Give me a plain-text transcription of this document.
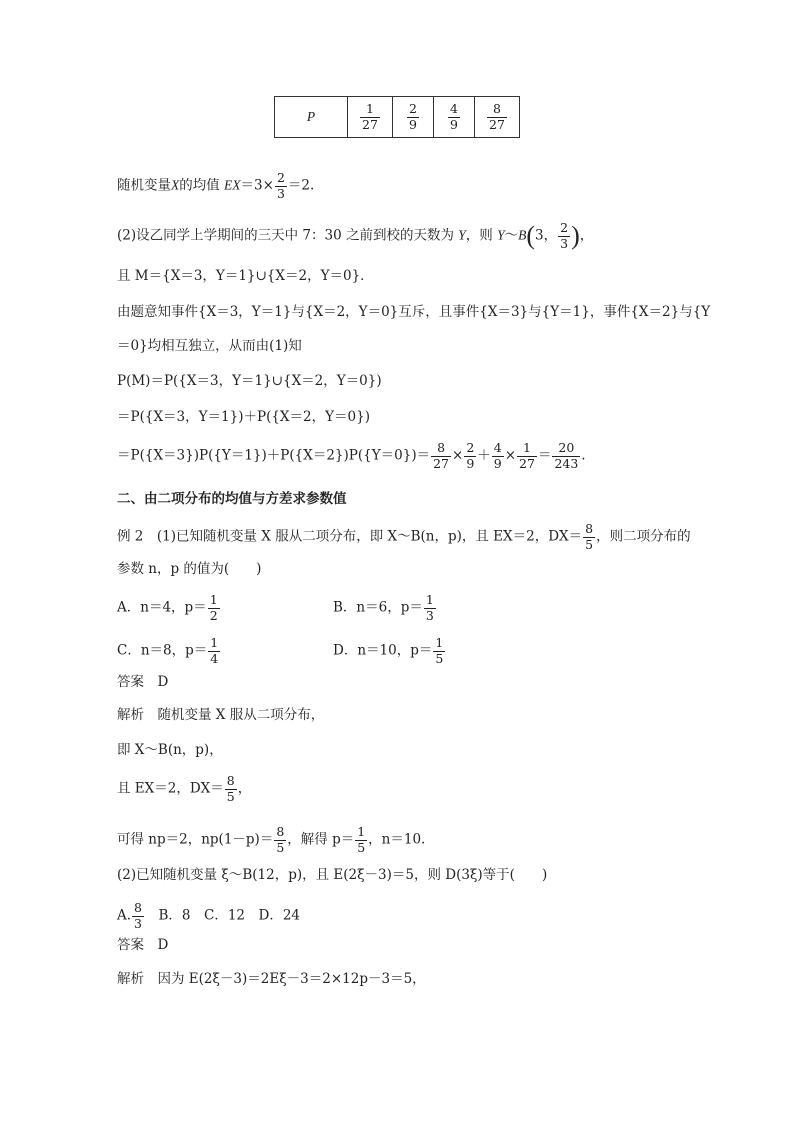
P	$\frac{1}{27}$	$\frac{2}{9}$	$\frac{4}{9}$	$\frac{8}{27}$
随机变量X的均值 $EX=3\times \frac{2}{3} =2$.
(2)设乙同学上学期间的三天中 7：30 之前到校的天数为 Y，则 Y～B(3， $\frac{2}{3}$ )，
且 M＝{X＝3，Y＝1}∪{X＝2，Y＝0}．
由题意知事件{X＝3，Y＝1}与{X＝2，Y＝0}互斥，且事件{X＝3}与{Y＝1}，事件{X＝2}与{Y
＝0}均相互独立，从而由(1)知
P(M)＝P({X＝3，Y＝1}∪{X＝2，Y＝0})
＝P({X＝3，Y＝1})＋P({X＝2，Y＝0})
$=P(\{X=3\})P(\{Y=1\})+P(\{X=2\})P(\{Y=0\})= \frac{8}{27} \times \frac{2}{9} + \frac{4}{9} \times \frac{1}{27} = \frac{20}{243}$ .
二、由二项分布的均值与方差求参数值
例 2　(1)已知随机变量 X 服从二项分布，即 X～B(n，p)，且 EX＝2，$DX= \frac{8}{5}$ ，则二项分布的
参数 n，p 的值为(　　)
A．n＝4，$p= \frac{1}{2}$	B．n＝6，$p= \frac{1}{3}$
C．n＝8，$p= \frac{1}{4}$	D．n＝10，$p= \frac{1}{5}$
答案　D
解析　随机变量 X 服从二项分布，
即 X～B(n，p)，
且 EX＝2，$DX= \frac{8}{5}$ ，
可得 np＝2，$np(1-p)= \frac{8}{5}$ ，解得 $p= \frac{1}{5}$ ，n＝10.
(2)已知随机变量 ξ～B(12，p)，且 E(2ξ－3)＝5，则 D(3ξ)等于(　　)
A. $\frac{8}{3}$ 　B．8　C．12　D．24
答案　D
解析　因为 E(2ξ－3)＝2Eξ－3＝2×12p－3＝5，
